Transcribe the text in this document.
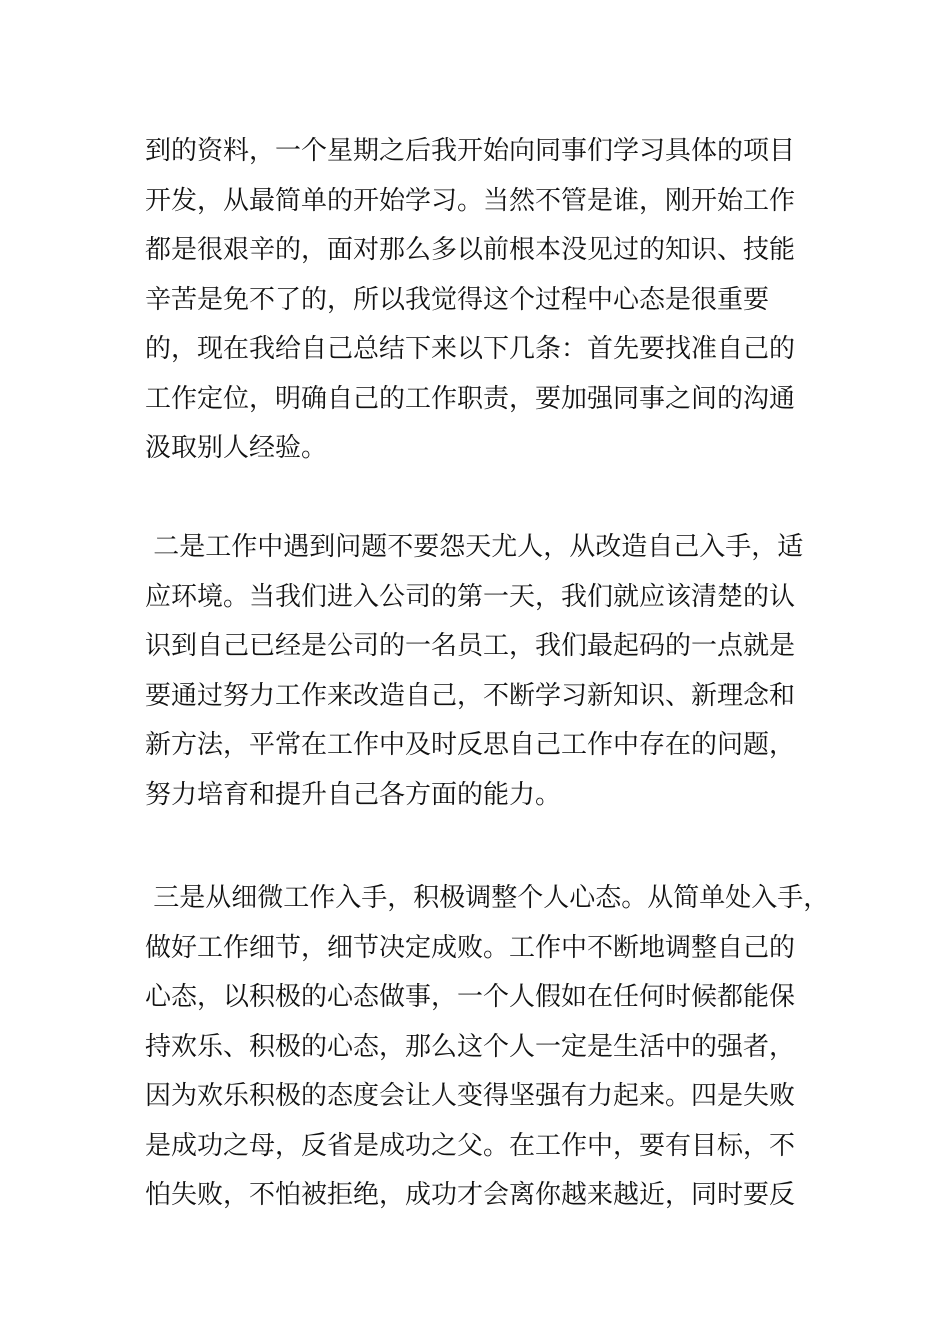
到的资料，一个星期之后我开始向同事们学习具体的项目
开发，从最简单的开始学习。当然不管是谁，刚开始工作
都是很艰辛的，面对那么多以前根本没见过的知识、技能
辛苦是免不了的，所以我觉得这个过程中心态是很重要
的，现在我给自己总结下来以下几条：首先要找准自己的
工作定位，明确自己的工作职责，要加强同事之间的沟通
汲取别人经验。
二是工作中遇到问题不要怨天尤人，从改造自己入手，适
应环境。当我们进入公司的第一天，我们就应该清楚的认
识到自己已经是公司的一名员工，我们最起码的一点就是
要通过努力工作来改造自己，不断学习新知识、新理念和
新方法，平常在工作中及时反思自己工作中存在的问题，
努力培育和提升自己各方面的能力。
三是从细微工作入手，积极调整个人心态。从简单处入手，
做好工作细节，细节决定成败。工作中不断地调整自己的
心态，以积极的心态做事，一个人假如在任何时候都能保
持欢乐、积极的心态，那么这个人一定是生活中的强者，
因为欢乐积极的态度会让人变得坚强有力起来。四是失败
是成功之母，反省是成功之父。在工作中，要有目标，不
怕失败，不怕被拒绝，成功才会离你越来越近，同时要反
